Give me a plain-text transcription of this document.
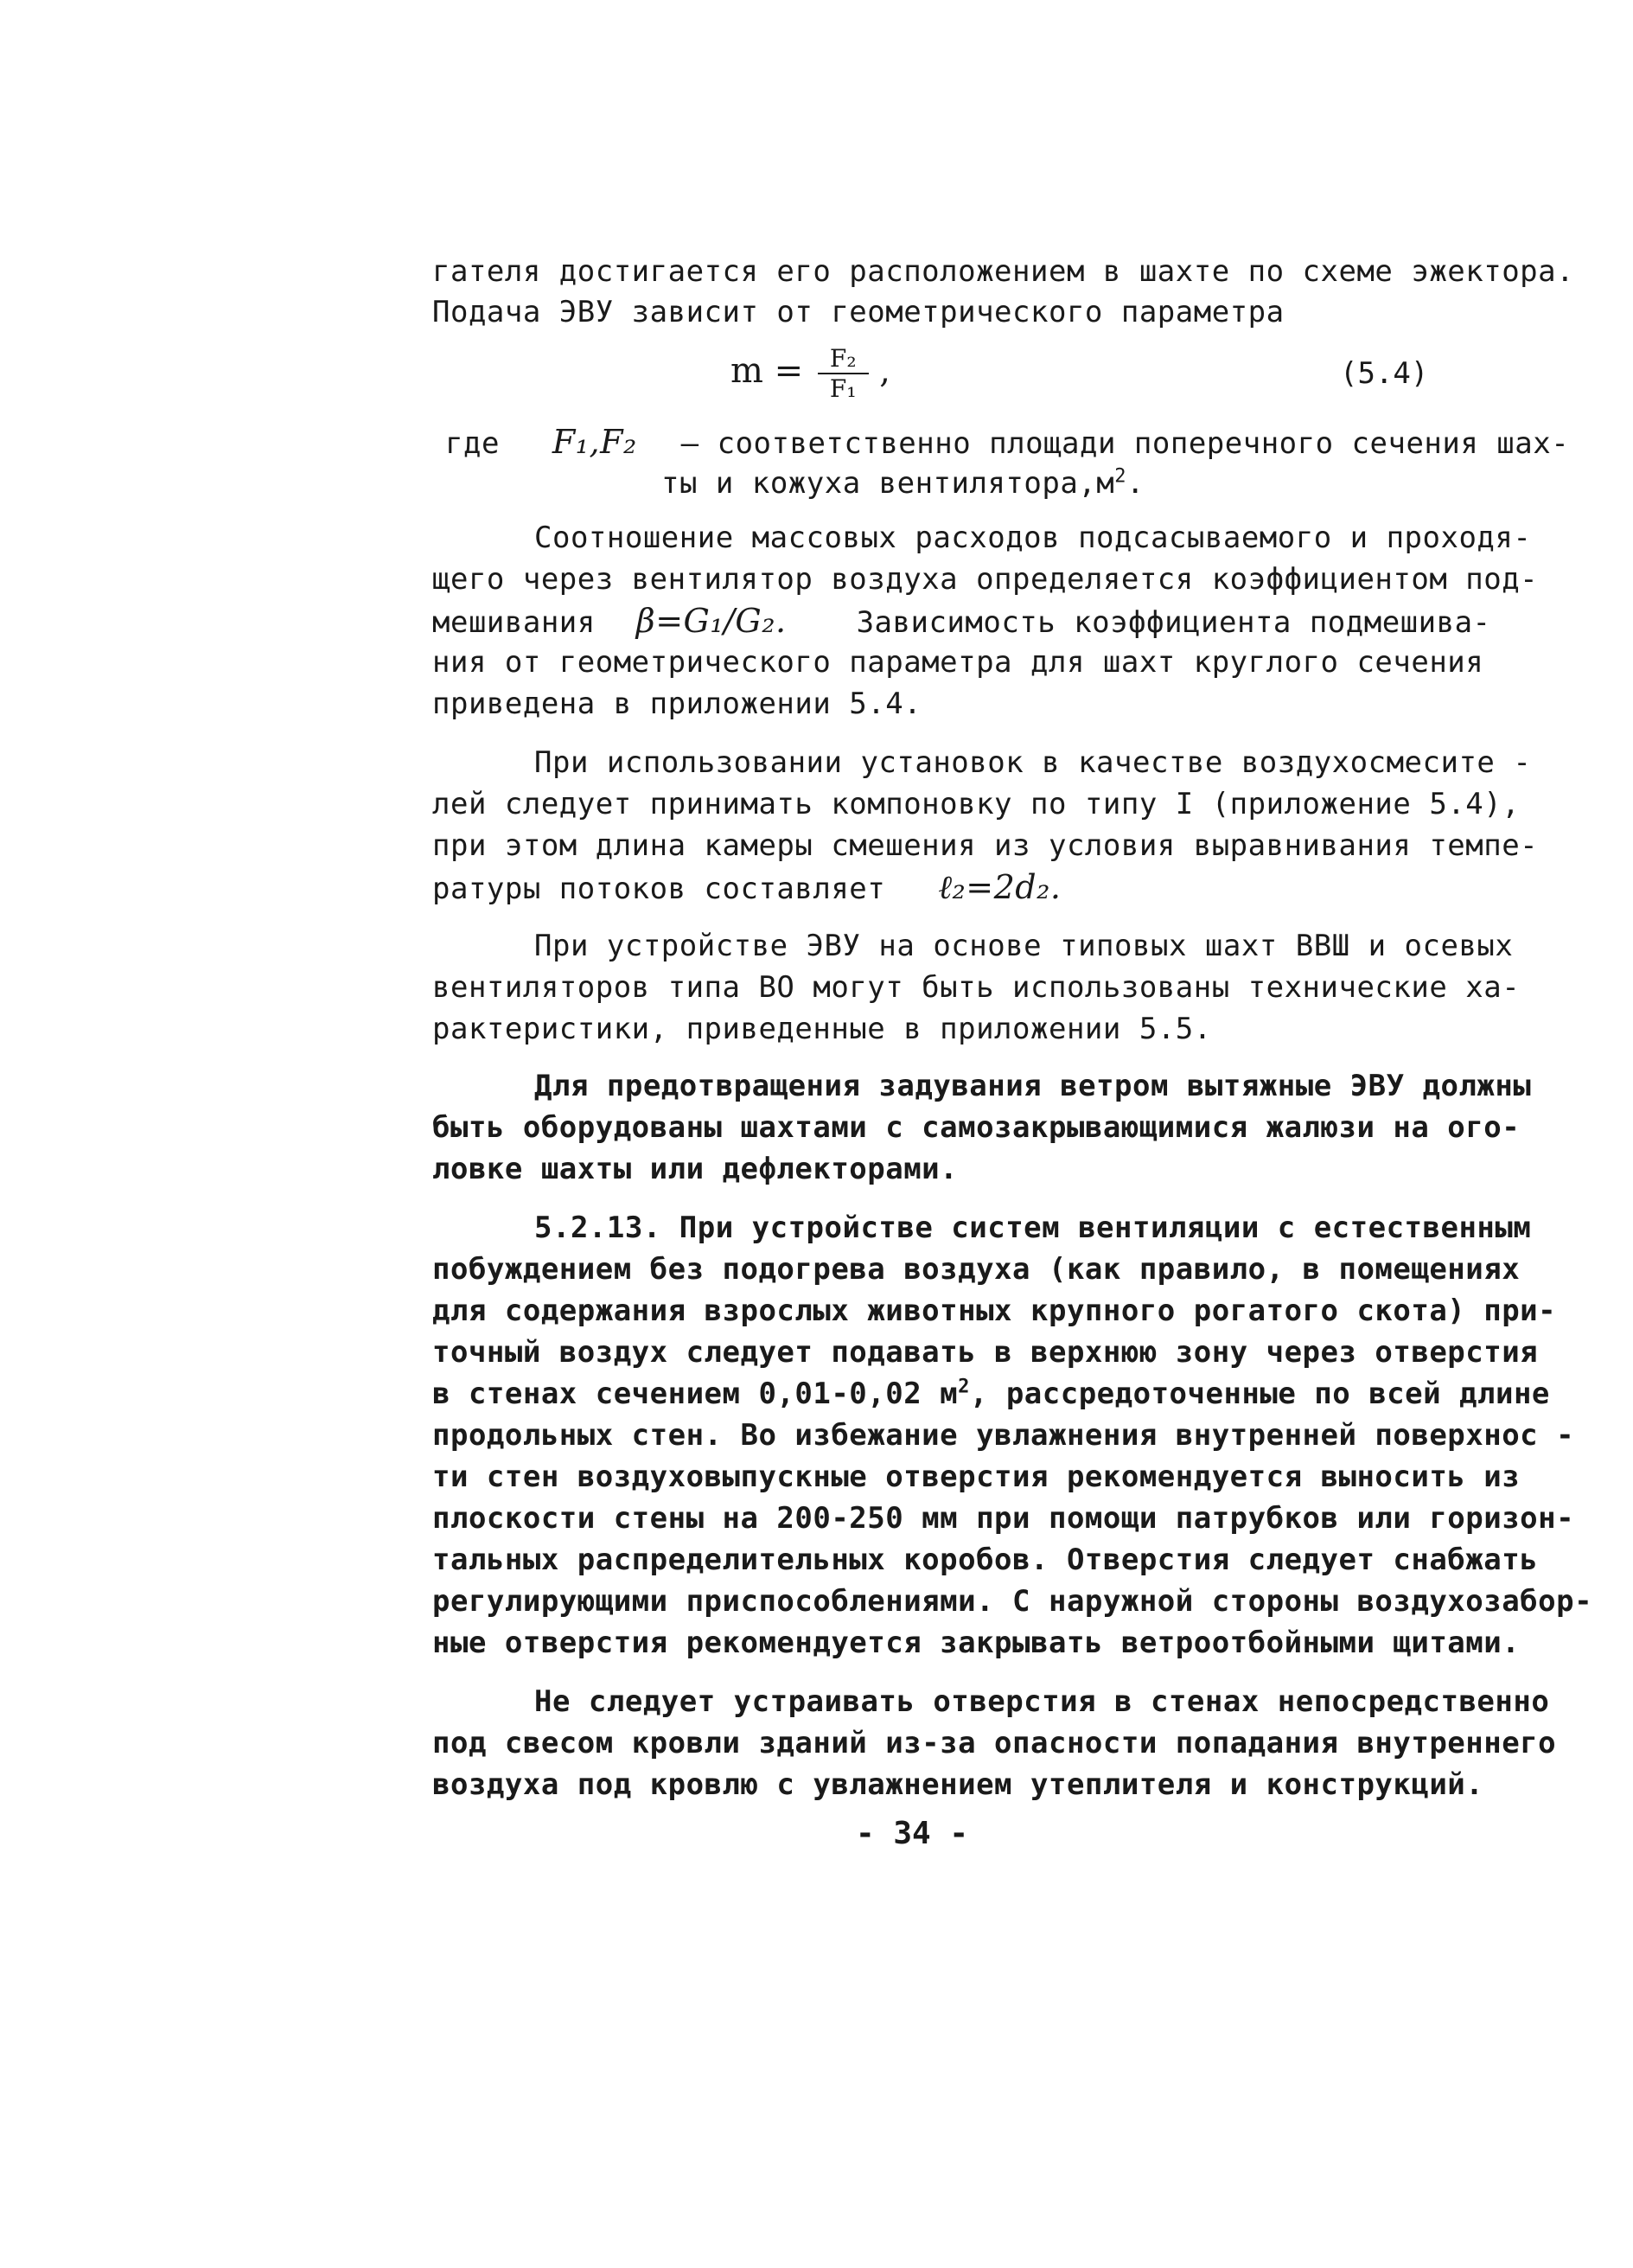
гателя достигается его расположением в шахте по схеме эжектора.
Подача ЭВУ зависит от геометрического параметра
$m = \frac{\text{F₂}}{\text{F₁}}$ ,	(5.4)
где F₁,F₂ – соответственно площади поперечного сечения шах-
ты и кожуха $вентилятора,м^2$.
Соотношение массовых расходов подсасываемого и проходя-
щего через вентилятор воздуха определяется коэффициентом под-
мешивания β=G₁/G₂. Зависимость коэффициента подмешива-
ния от геометрического параметра для шахт круглого сечения
приведена в приложении 5.4.
При использовании установок в качестве воздухосмесите -
лей следует принимать компоновку по типу I (приложение 5.4),
при этом длина камеры смешения из условия выравнивания темпе-
ратуры потоков составляет ℓ₂=2d₂.
При устройстве ЭВУ на основе типовых шахт ВВШ и осевых
вентиляторов типа ВО могут быть использованы технические ха-
рактеристики, приведенные в приложении 5.5.
Для предотвращения задувания ветром вытяжные ЭВУ должны
быть оборудованы шахтами с самозакрывающимися жалюзи на ого-
ловке шахты или дефлекторами.
5.2.13. При устройстве систем вентиляции с естественным
побуждением без подогрева воздуха (как правило, в помещениях
для содержания взрослых животных крупного рогатого скота) при-
точный воздух следует подавать в верхнюю зону через отверстия
в стенах сечением 0,01-0,02 $м^2$, рассредоточенные по всей длине
продольных стен. Во избежание увлажнения внутренней поверхнос -
ти стен воздуховыпускные отверстия рекомендуется выносить из
плоскости стены на 200-250 мм при помощи патрубков или горизон-
тальных распределительных коробов. Отверстия следует снабжать
регулирующими приспособлениями. С наружной стороны воздухозабор-
ные отверстия рекомендуется закрывать ветроотбойными щитами.
Не следует устраивать отверстия в стенах непосредственно
под свесом кровли зданий из-за опасности попадания внутреннего
воздуха под кровлю с увлажнением утеплителя и конструкций.
- 34 -
